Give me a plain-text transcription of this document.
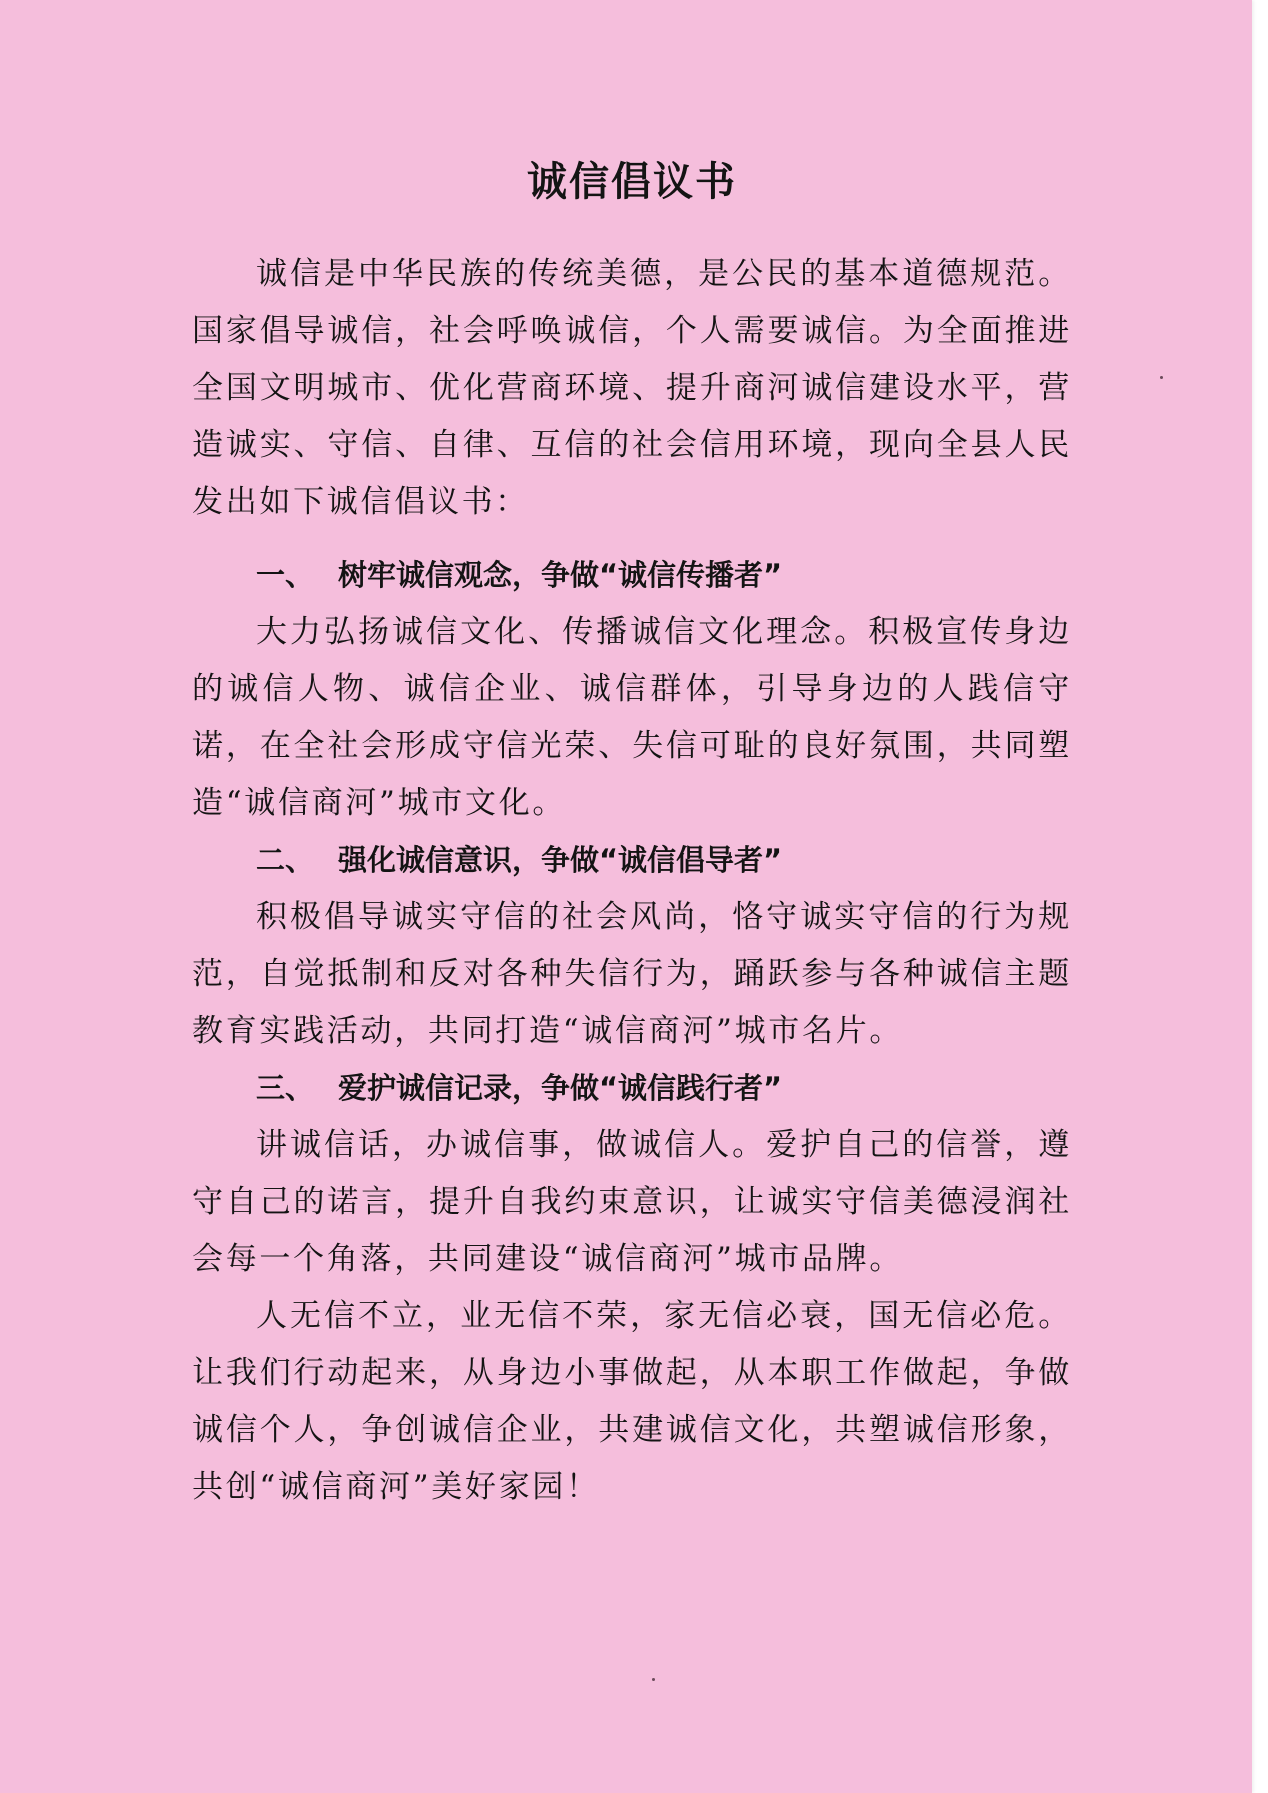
诚信倡议书

诚信是中华民族的传统美德，是公民的基本道德规范。国家倡导诚信，社会呼唤诚信，个人需要诚信。为全面推进全国文明城市、优化营商环境、提升商河诚信建设水平，营造诚实、守信、自律、互信的社会信用环境，现向全县人民发出如下诚信倡议书：

一、 树牢诚信观念，争做“诚信传播者”

大力弘扬诚信文化、传播诚信文化理念。积极宣传身边的诚信人物、诚信企业、诚信群体，引导身边的人践信守诺，在全社会形成守信光荣、失信可耻的良好氛围，共同塑造“诚信商河”城市文化。

二、 强化诚信意识，争做“诚信倡导者”

积极倡导诚实守信的社会风尚，恪守诚实守信的行为规范，自觉抵制和反对各种失信行为，踊跃参与各种诚信主题教育实践活动，共同打造“诚信商河”城市名片。

三、 爱护诚信记录，争做“诚信践行者”

讲诚信话，办诚信事，做诚信人。爱护自己的信誉，遵守自己的诺言，提升自我约束意识，让诚实守信美德浸润社会每一个角落，共同建设“诚信商河”城市品牌。

人无信不立，业无信不荣，家无信必衰，国无信必危。让我们行动起来，从身边小事做起，从本职工作做起，争做诚信个人，争创诚信企业，共建诚信文化，共塑诚信形象，共创“诚信商河”美好家园！
